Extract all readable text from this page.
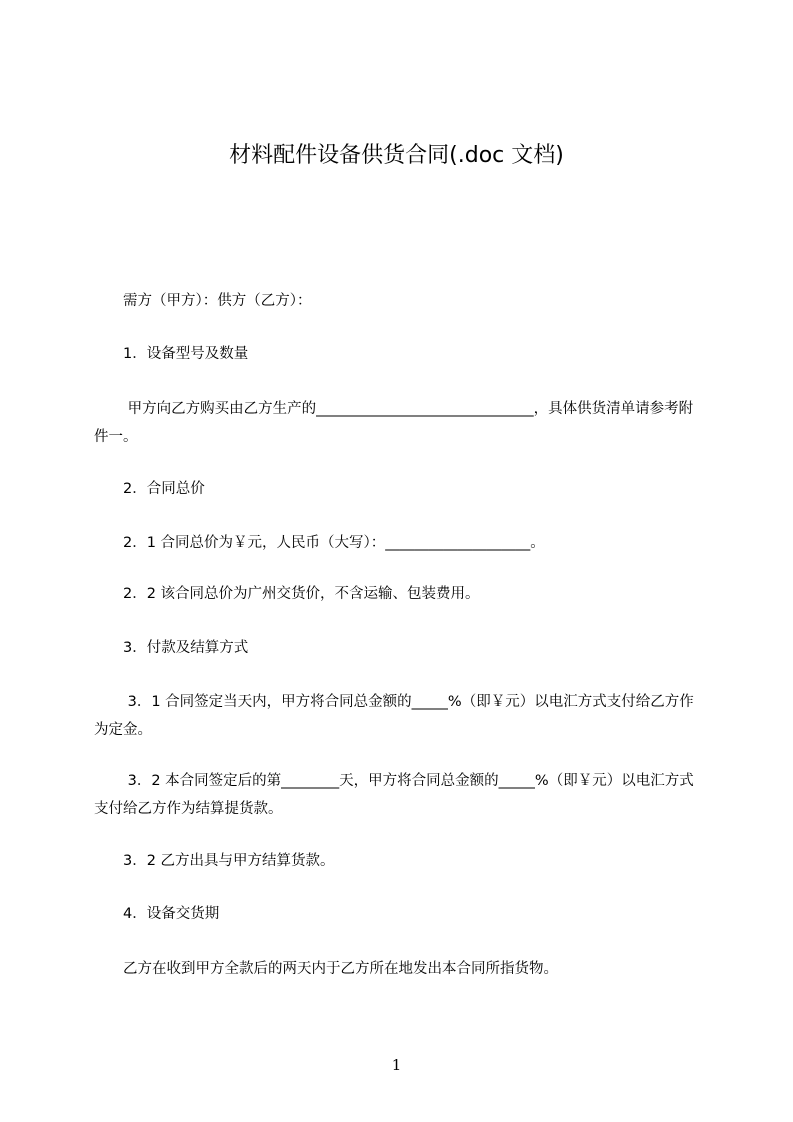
材料配件设备供货合同(.doc 文档)

　　需方（甲方）：供方（乙方）：

　　1．设备型号及数量

　　 甲方向乙方购买由乙方生产的______________________________，具体供货清单请参考附件一。

　　2．合同总价

　　2．1 合同总价为￥元，人民币（大写）：____________________。

　　2．2 该合同总价为广州交货价，不含运输、包装费用。

　　3．付款及结算方式

　　 3．1 合同签定当天内，甲方将合同总金额的_____%（即￥元）以电汇方式支付给乙方作为定金。

　　 3．2 本合同签定后的第________天，甲方将合同总金额的_____%（即￥元）以电汇方式支付给乙方作为结算提货款。

　　3．2 乙方出具与甲方结算货款。

　　4．设备交货期

　　乙方在收到甲方全款后的两天内于乙方所在地发出本合同所指货物。

1
